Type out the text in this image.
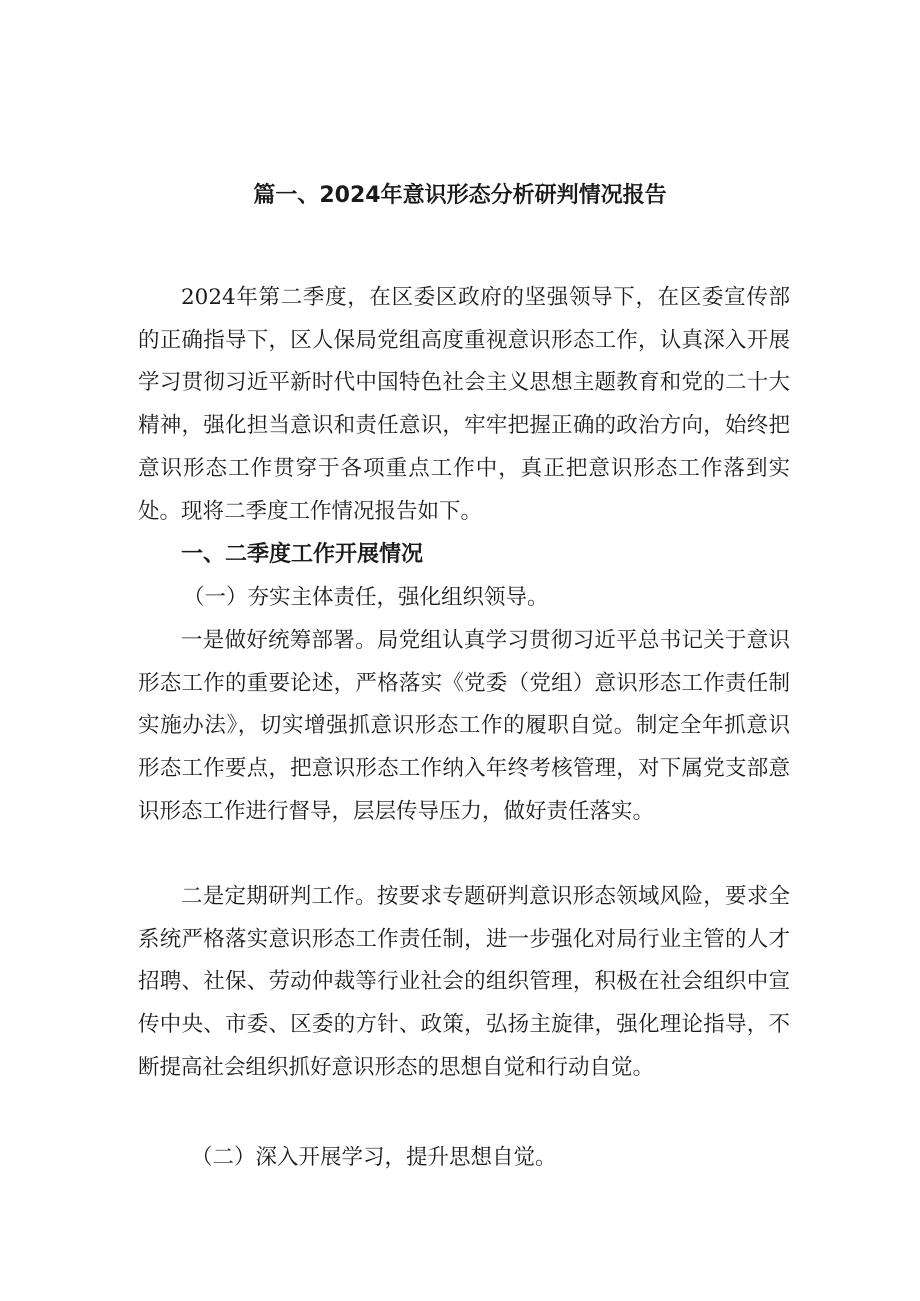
篇一、2024年意识形态分析研判情况报告

2024年第二季度，在区委区政府的坚强领导下，在区委宣传部的正确指导下，区人保局党组高度重视意识形态工作，认真深入开展学习贯彻习近平新时代中国特色社会主义思想主题教育和党的二十大精神，强化担当意识和责任意识，牢牢把握正确的政治方向，始终把意识形态工作贯穿于各项重点工作中，真正把意识形态工作落到实处。现将二季度工作情况报告如下。

一、二季度工作开展情况

（一）夯实主体责任，强化组织领导。

一是做好统筹部署。局党组认真学习贯彻习近平总书记关于意识形态工作的重要论述，严格落实《党委（党组）意识形态工作责任制实施办法》，切实增强抓意识形态工作的履职自觉。制定全年抓意识形态工作要点，把意识形态工作纳入年终考核管理，对下属党支部意识形态工作进行督导，层层传导压力，做好责任落实。

二是定期研判工作。按要求专题研判意识形态领域风险，要求全系统严格落实意识形态工作责任制，进一步强化对局行业主管的人才招聘、社保、劳动仲裁等行业社会的组织管理，积极在社会组织中宣传中央、市委、区委的方针、政策，弘扬主旋律，强化理论指导，不断提高社会组织抓好意识形态的思想自觉和行动自觉。

（二）深入开展学习，提升思想自觉。
